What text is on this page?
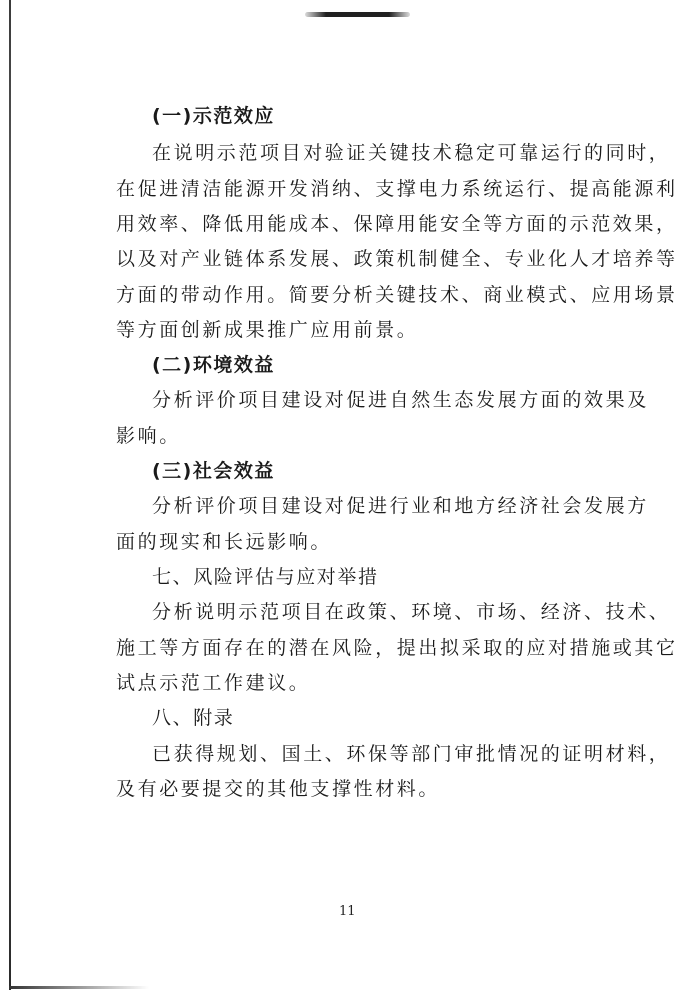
(一)示范效应
在说明示范项目对验证关键技术稳定可靠运行的同时，
在促进清洁能源开发消纳、支撑电力系统运行、提高能源利
用效率、降低用能成本、保障用能安全等方面的示范效果，
以及对产业链体系发展、政策机制健全、专业化人才培养等
方面的带动作用。简要分析关键技术、商业模式、应用场景
等方面创新成果推广应用前景。
(二)环境效益
分析评价项目建设对促进自然生态发展方面的效果及
影响。
(三)社会效益
分析评价项目建设对促进行业和地方经济社会发展方
面的现实和长远影响。
七、风险评估与应对举措
分析说明示范项目在政策、环境、市场、经济、技术、
施工等方面存在的潜在风险，提出拟采取的应对措施或其它
试点示范工作建议。
八、附录
已获得规划、国土、环保等部门审批情况的证明材料，
及有必要提交的其他支撑性材料。
11
